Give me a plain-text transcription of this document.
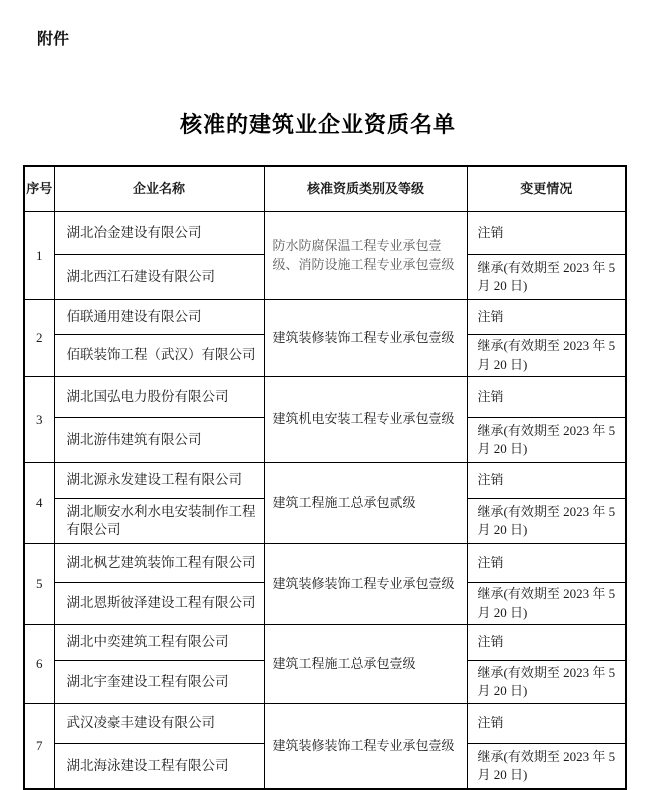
附件
核准的建筑业企业资质名单
序号	企业名称	核准资质类别及等级	变更情况
1	湖北冶金建设有限公司	防水防腐保温工程专业承包壹级、消防设施工程专业承包壹级	注销
	湖北西江石建设有限公司		继承(有效期至 2023 年 5 月 20 日)
2	佰联通用建设有限公司	建筑装修装饰工程专业承包壹级	注销
	佰联装饰工程（武汉）有限公司		继承(有效期至 2023 年 5 月 20 日)
3	湖北国弘电力股份有限公司	建筑机电安装工程专业承包壹级	注销
	湖北游伟建筑有限公司		继承(有效期至 2023 年 5 月 20 日)
4	湖北源永发建设工程有限公司	建筑工程施工总承包贰级	注销
	湖北顺安水利水电安装制作工程有限公司		继承(有效期至 2023 年 5 月 20 日)
5	湖北枫艺建筑装饰工程有限公司	建筑装修装饰工程专业承包壹级	注销
	湖北恩斯彼泽建设工程有限公司		继承(有效期至 2023 年 5 月 20 日)
6	湖北中奕建筑工程有限公司	建筑工程施工总承包壹级	注销
	湖北宇奎建设工程有限公司		继承(有效期至 2023 年 5 月 20 日)
7	武汉凌豪丰建设有限公司	建筑装修装饰工程专业承包壹级	注销
	湖北海泳建设工程有限公司		继承(有效期至 2023 年 5 月 20 日)
